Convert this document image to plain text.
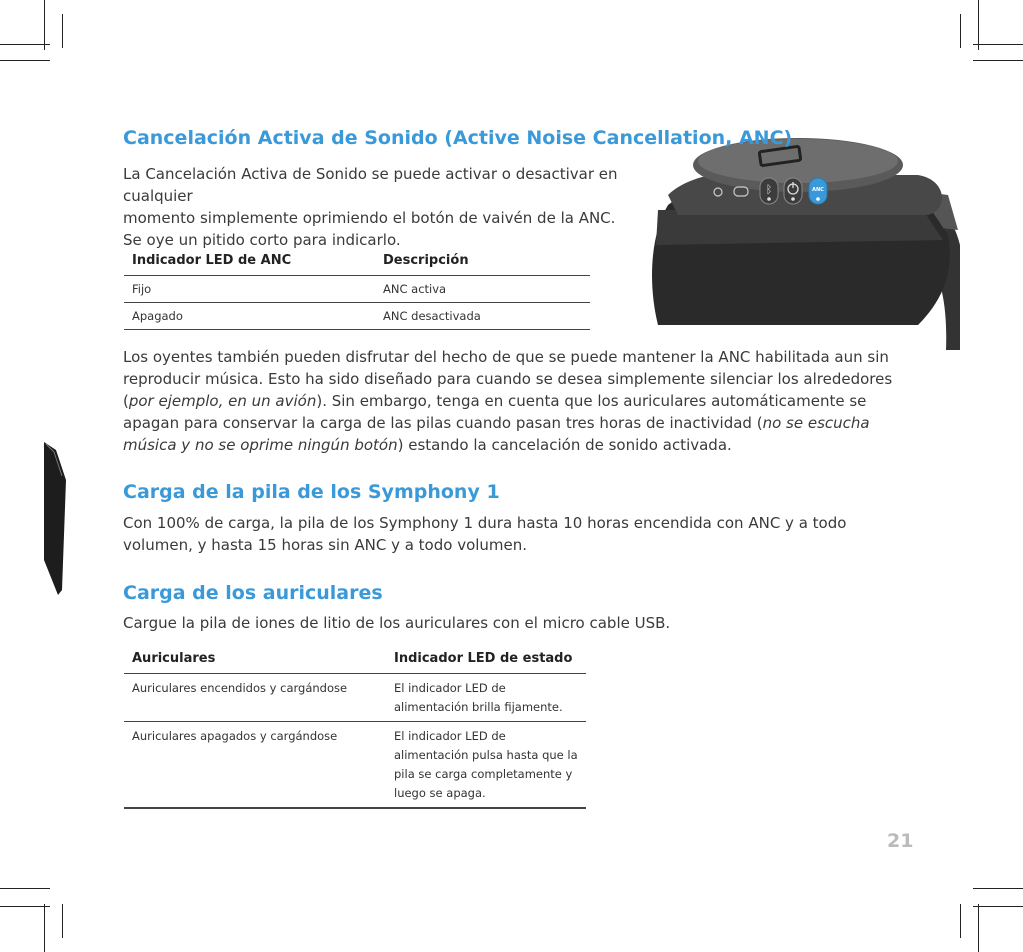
ᛒ	ANC
Cancelación Activa de Sonido (Active Noise Cancellation, ANC)
La Cancelación Activa de Sonido se puede activar o desactivar en cualquier
momento simplemente oprimiendo el botón de vaivén de la ANC.
Se oye un pitido corto para indicarlo.
Indicador LED de ANC	Descripción
Fijo	ANC activa
Apagado	ANC desactivada
Los oyentes también pueden disfrutar del hecho de que se puede mantener la ANC habilitada aun sin reproducir música. Esto ha sido diseñado para cuando se desea simplemente silenciar los alrededores (por ejemplo, en un avión). Sin embargo, tenga en cuenta que los auriculares automáticamente se apagan para conservar la carga de las pilas cuando pasan tres horas de inactividad (no se escucha música y no se oprime ningún botón) estando la cancelación de sonido activada.
Carga de la pila de los Symphony 1
Con 100% de carga, la pila de los Symphony 1 dura hasta 10 horas encendida con ANC y a todo volumen, y hasta 15 horas sin ANC y a todo volumen.
Carga de los auriculares
Cargue la pila de iones de litio de los auriculares con el micro cable USB.
Auriculares	Indicador LED de estado
Auriculares encendidos y cargándose	El indicador LED de alimentación brilla fijamente.
Auriculares apagados y cargándose	El indicador LED de alimentación pulsa hasta que la pila se carga completamente y luego se apaga.
21
